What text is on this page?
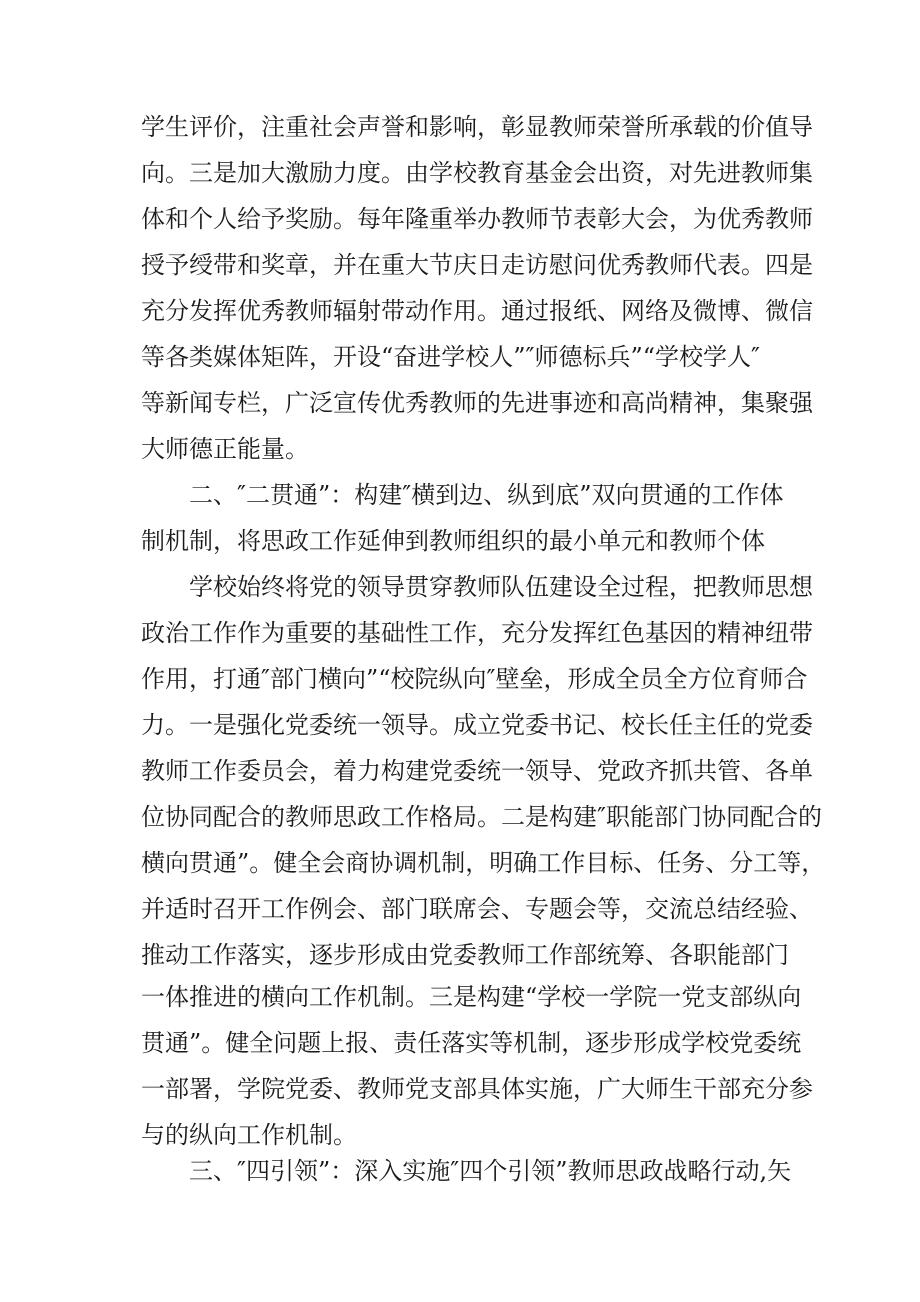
学生评价，注重社会声誉和影响，彰显教师荣誉所承载的价值导
向。三是加大激励力度。由学校教育基金会出资，对先进教师集
体和个人给予奖励。每年隆重举办教师节表彰大会，为优秀教师
授予绶带和奖章，并在重大节庆日走访慰问优秀教师代表。四是
充分发挥优秀教师辐射带动作用。通过报纸、网络及微博、微信
等各类媒体矩阵，开设“奋进学校人”″师德标兵”“学校学人″
等新闻专栏，广泛宣传优秀教师的先进事迹和高尚精神，集聚强
大师德正能量。
二、″二贯通”：构建″横到边、纵到底”双向贯通的工作体
制机制，将思政工作延伸到教师组织的最小单元和教师个体
学校始终将党的领导贯穿教师队伍建设全过程，把教师思想
政治工作作为重要的基础性工作，充分发挥红色基因的精神纽带
作用，打通″部门横向”“校院纵向″壁垒，形成全员全方位育师合
力。一是强化党委统一领导。成立党委书记、校长任主任的党委
教师工作委员会，着力构建党委统一领导、党政齐抓共管、各单
位协同配合的教师思政工作格局。二是构建″职能部门协同配合的
横向贯通”。健全会商协调机制，明确工作目标、任务、分工等，
并适时召开工作例会、部门联席会、专题会等，交流总结经验、
推动工作落实，逐步形成由党委教师工作部统筹、各职能部门
一体推进的横向工作机制。三是构建“学校一学院一党支部纵向
贯通”。健全问题上报、责任落实等机制，逐步形成学校党委统
一部署，学院党委、教师党支部具体实施，广大师生干部充分参
与的纵向工作机制。
三、″四引领”：深入实施″四个引领”教师思政战略行动,矢
